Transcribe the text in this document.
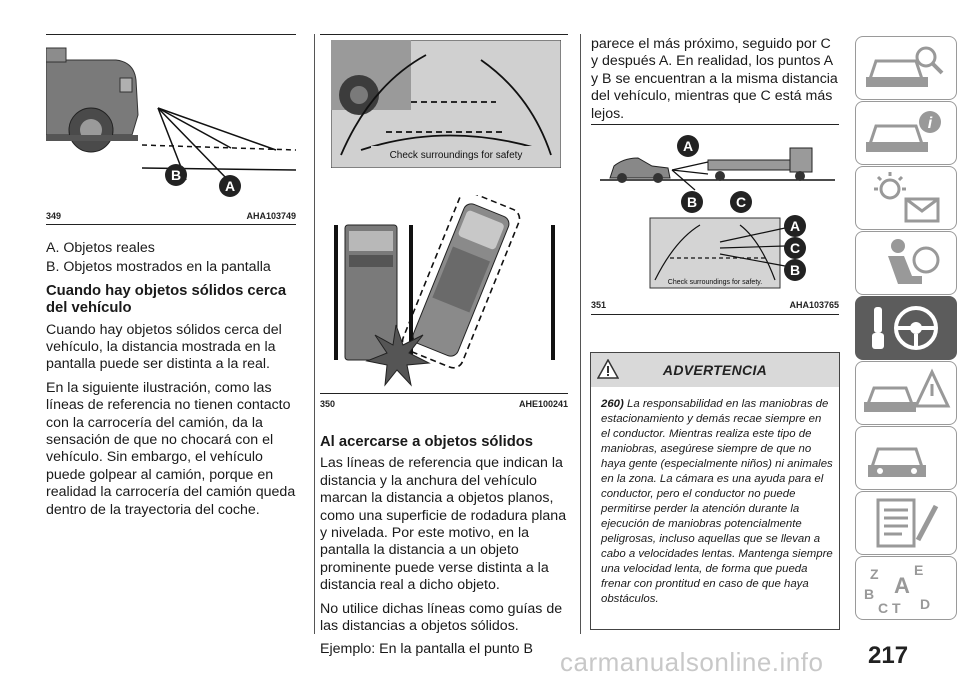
B
A
349	AHA103749

A. Objetos reales

B. Objetos mostrados en la pantalla

Cuando hay objetos sólidos cerca del vehículo

Cuando hay objetos sólidos cerca del vehículo, la distancia mostrada en la pantalla puede ser distinta a la real.

En la siguiente ilustración, como las líneas de referencia no tienen contacto con la carrocería del camión, da la sensación de que no chocará con el vehículo. Sin embargo, el vehículo puede golpear al camión, porque en realidad la carrocería del camión queda dentro de la trayectoria del coche.

Check surroundings for safety
350	AHE100241
Al acercarse a objetos sólidos

Las líneas de referencia que indican la distancia y la anchura del vehículo marcan la distancia a objetos planos, como una superficie de rodadura plana y nivelada. Por este motivo, en la pantalla la distancia a un objeto prominente puede verse distinta a la distancia real a dicho objeto.

No utilice dichas líneas como guías de las distancias a objetos sólidos.

Ejemplo: En la pantalla el punto B

parece el más próximo, seguido por C y después A. En realidad, los puntos A y B se encuentran a la misma distancia del vehículo, mientras que C está más lejos.

A
B	C
Check surroundings for safety.
A
C
B
351	AHA103765
ADVERTENCIA
260) La responsabilidad en las maniobras de estacionamiento y demás recae siempre en el conductor. Mientras realiza este tipo de maniobras, asegúrese siempre de que no haya gente (especialmente niños) ni animales en la zona. La cámara es una ayuda para el conductor, pero el conductor no puede permitirse perder la atención durante la ejecución de maniobras potencialmente peligrosas, incluso aquellas que se llevan a cabo a velocidades lentas. Mantenga siempre una velocidad lenta, de forma que pueda frenar con prontitud en caso de que haya obstáculos.
i
Z	E
B A
C T D
carmanualsonline.info 217
